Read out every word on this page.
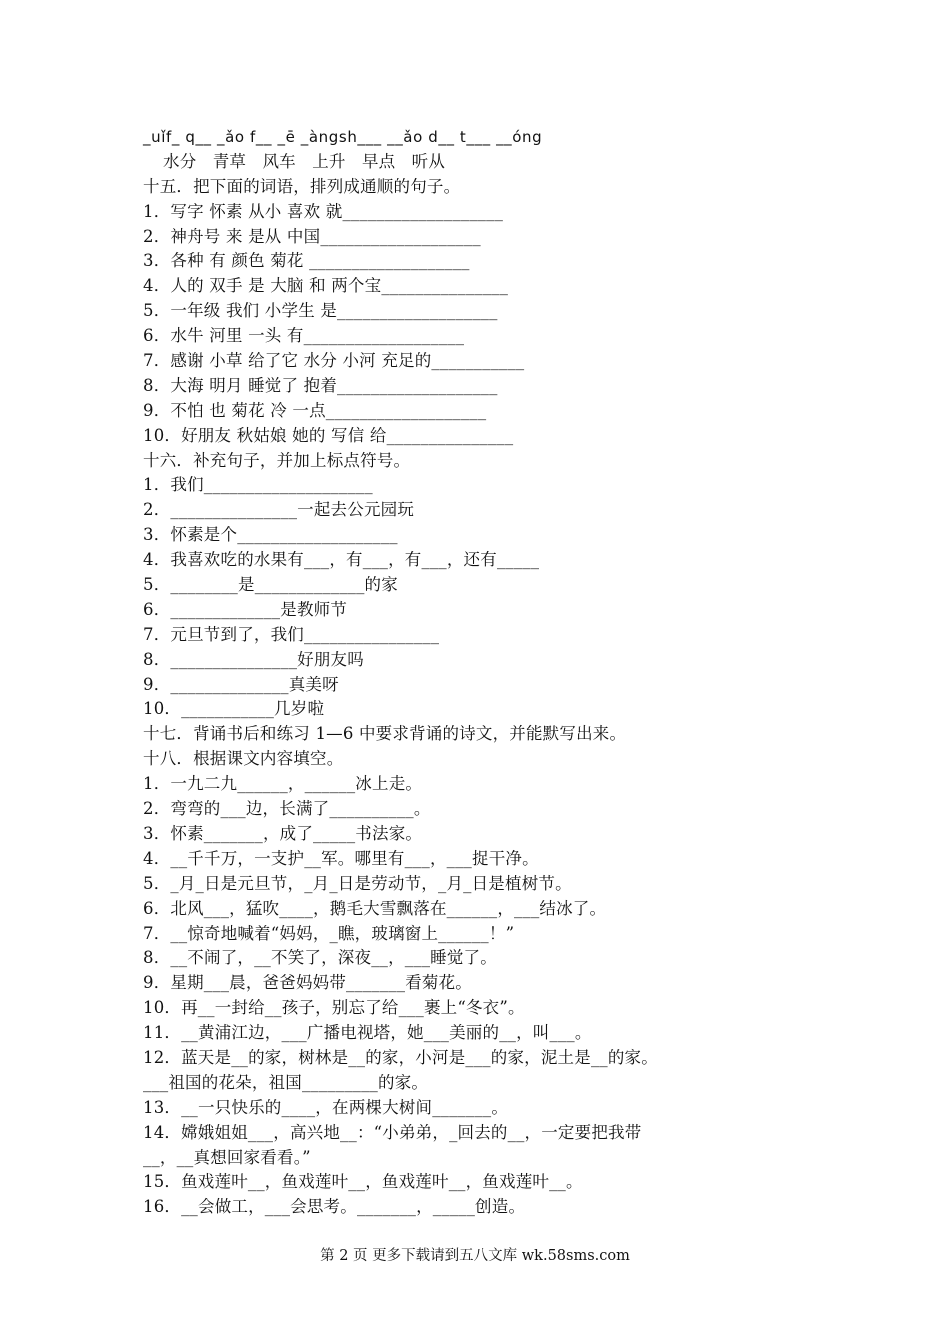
_uǐf_ q__ _ǎo f__ _ē _àngsh___ __ǎo d__ t___ __óng
水分   青草   风车   上升   早点   听从
十五．把下面的词语，排列成通顺的句子。
1．写字 怀素 从小 喜欢 就___________________
2．神舟号 来 是从 中国___________________
3．各种 有 颜色 菊花 ___________________
4．人的 双手 是 大脑 和 两个宝_______________
5．一年级 我们 小学生 是___________________
6．水牛 河里 一头 有___________________
7．感谢 小草 给了它 水分 小河 充足的___________
8．大海 明月 睡觉了 抱着___________________
9．不怕 也 菊花 冷 一点___________________
10．好朋友 秋姑娘 她的 写信 给_______________
十六．补充句子，并加上标点符号。
1．我们____________________
2．_______________一起去公元园玩
3．怀素是个___________________
4．我喜欢吃的水果有___，有___，有___，还有_____
5．________是_____________的家
6．_____________是教师节
7．元旦节到了，我们________________
8．_______________好朋友吗
9．______________真美呀
10．___________几岁啦
十七．背诵书后和练习 1—6 中要求背诵的诗文，并能默写出来。
十八．根据课文内容填空。
1．一九二九______，______冰上走。
2．弯弯的___边，长满了__________。
3．怀素_______，成了_____书法家。
4．__千千万，一支护__军。哪里有___，___捉干净。
5．_月_日是元旦节，_月_日是劳动节，_月_日是植树节。
6．北风___，猛吹____，鹅毛大雪飘落在______，___结冰了。
7．__惊奇地喊着“妈妈，_瞧，玻璃窗上______！”
8．__不闹了，__不笑了，深夜__，___睡觉了。
9．星期___晨，爸爸妈妈带_______看菊花。
10．再__一封给__孩子，别忘了给___裹上“冬衣”。
11．__黄浦江边，___广播电视塔，她___美丽的__，叫___。
12．蓝天是__的家，树林是__的家，小河是___的家，泥土是__的家。
___祖国的花朵，祖国_________的家。
13．__一只快乐的____，在两棵大树间_______。
14．嫦娥姐姐___，高兴地__：“小弟弟，_回去的__，一定要把我带
__，__真想回家看看。”
15．鱼戏莲叶__，鱼戏莲叶__，鱼戏莲叶__，鱼戏莲叶__。
16．__会做工，___会思考。_______，_____创造。
第 2 页 更多下载请到五八文库 wk.58sms.com
